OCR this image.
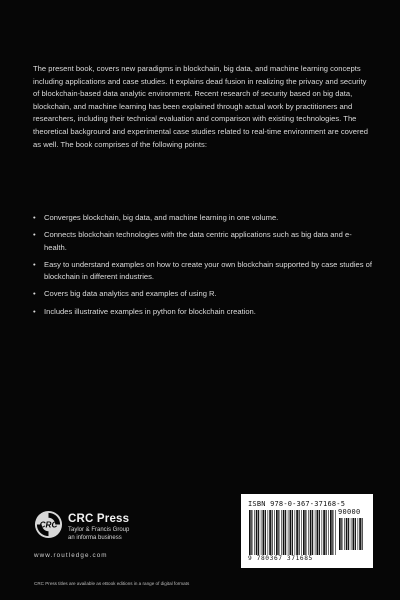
The present book, covers new paradigms in blockchain, big data, and machine learning concepts including applications and case studies. It explains dead fusion in realizing the privacy and security of blockchain-based data analytic environment. Recent research of security based on big data, blockchain, and machine learning has been explained through actual work by practitioners and researchers, including their technical evaluation and comparison with existing technologies. The theoretical background and experimental case studies related to real-time environment are covered as well. The book comprises of the following points:

• Converges blockchain, big data, and machine learning in one volume.
• Connects blockchain technologies with the data centric applications such as big data and e-health.
• Easy to understand examples on how to create your own blockchain supported by case studies of blockchain in different industries.
• Covers big data analytics and examples of using R.
• Includes illustrative examples in python for blockchain creation.
CRC
CRC Press
Taylor & Francis Group
an informa business
www.routledge.com
CRC Press titles are available as eBook editions in a range of digital formats
ISBN 978-0-367-37168-5
90000
9 780367 371685
